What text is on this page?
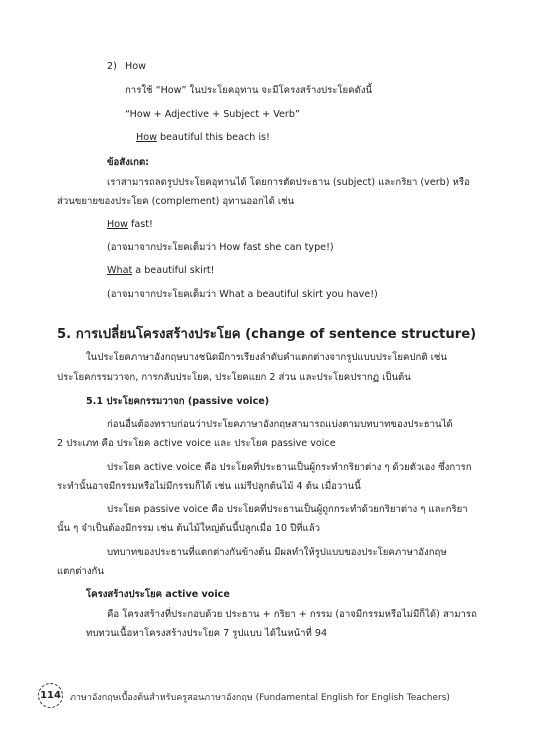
2) How
การใช้ “How” ในประโยคอุทาน จะมีโครงสร้างประโยคดังนี้
“How + Adjective + Subject + Verb”
How beautiful this beach is!
ข้อสังเกต:
เราสามารถลดรูปประโยคอุทานได้ โดยการตัดประธาน (subject) และกริยา (verb) หรือ
ส่วนขยายของประโยค (complement) อุทานออกได้ เช่น
How fast!
(อาจมาจากประโยคเต็มว่า How fast she can type!)
What a beautiful skirt!
(อาจมาจากประโยคเต็มว่า What a beautiful skirt you have!)
5. การเปลี่ยนโครงสร้างประโยค (change of sentence structure)
ในประโยคภาษาอังกฤษบางชนิดมีการเรียงลำดับคำแตกต่างจากรูปแบบประโยคปกติ เช่น
ประโยคกรรมวาจก, การกลับประโยค, ประโยคแยก 2 ส่วน และประโยคปรากฏ เป็นต้น
5.1 ประโยคกรรมวาจก (passive voice)
ก่อนอื่นต้องทราบก่อนว่าประโยคภาษาอังกฤษสามารถแบ่งตามบทบาทของประธานได้
2 ประเภท คือ ประโยค active voice และ ประโยค passive voice
ประโยค active voice คือ ประโยคที่ประธานเป็นผู้กระทำกริยาต่าง ๆ ด้วยตัวเอง ซึ่งการก
ระทำนั้นอาจมีกรรมหรือไม่มีกรรมก็ได้ เช่น แม่รีปลูกต้นไม้ 4 ต้น เมื่อวานนี้
ประโยค passive voice คือ ประโยคที่ประธานเป็นผู้ถูกกระทำด้วยกริยาต่าง ๆ และกริยา
นั้น ๆ จำเป็นต้องมีกรรม เช่น ต้นไม้ใหญ่ต้นนี้ปลูกเมื่อ 10 ปีที่แล้ว
บทบาทของประธานที่แตกต่างกันข้างต้น มีผลทำให้รูปแบบของประโยคภาษาอังกฤษ
แตกต่างกัน
โครงสร้างประโยค active voice
คือ โครงสร้างที่ประกอบด้วย ประธาน + กริยา + กรรม (อาจมีกรรมหรือไม่มีก็ได้) สามารถ
ทบทวนเนื้อหาโครงสร้างประโยค 7 รูปแบบ ได้ในหน้าที่ 94
114 ภาษาอังกฤษเบื้องต้นสำหรับครูสอนภาษาอังกฤษ (Fundamental English for English Teachers)
